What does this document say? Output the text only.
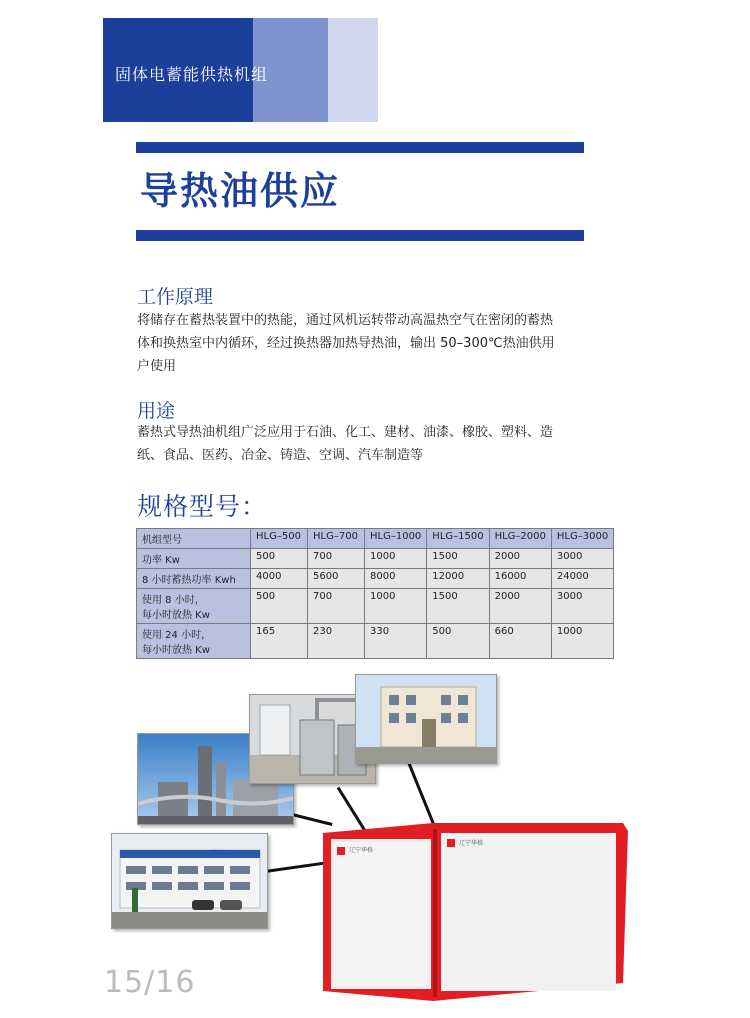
固体电蓄能供热机组
导热油供应
工作原理
将储存在蓄热装置中的热能，通过风机运转带动高温热空气在密闭的蓄热
体和换热室中内循环，经过换热器加热导热油，输出 50–300℃热油供用
户使用
用途
蓄热式导热油机组广泛应用于石油、化工、建材、油漆、橡胶、塑料、造
纸、食品、医药、冶金、铸造、空调、汽车制造等
规格型号：
机组型号	HLG–500	HLG–700	HLG–1000	HLG–1500	HLG–2000	HLG–3000

功率 Kw	500	700	1000	1500	2000	3000

8 小时蓄热功率 Kwh	4000	5600	8000	12000	16000	24000

使用 8 小时，
每小时放热 Kw	500	700	1000	1500	2000	3000

使用 24 小时，
每小时放热 Kw	165	230	330	500	660	1000
ISO 9001:2000 国际认证	辽宁华格
辽宁华格
15/16
